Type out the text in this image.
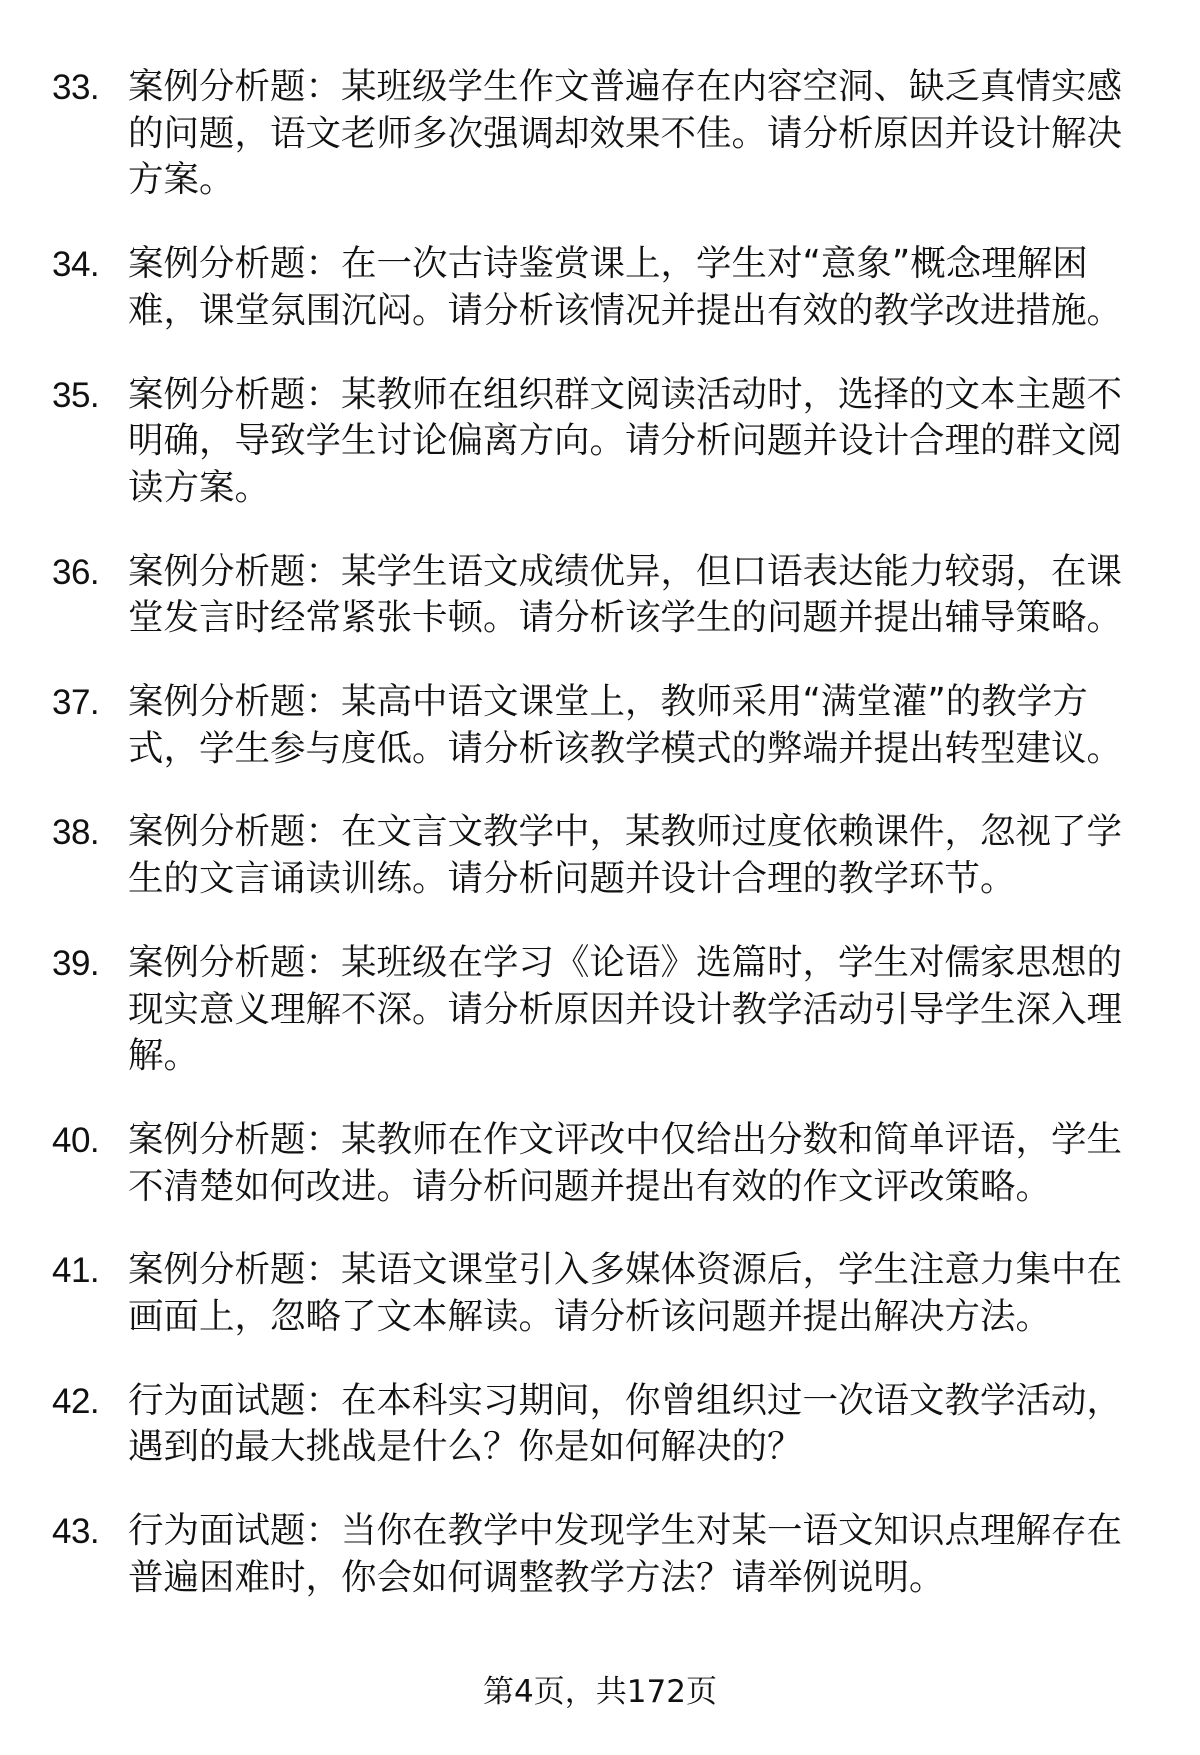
33. 案例分析题：某班级学生作文普遍存在内容空洞、缺乏真情实感的问题，语文老师多次强调却效果不佳。请分析原因并设计解决方案。
34. 案例分析题：在一次古诗鉴赏课上，学生对“意象”概念理解困难，课堂氛围沉闷。请分析该情况并提出有效的教学改进措施。
35. 案例分析题：某教师在组织群文阅读活动时，选择的文本主题不明确，导致学生讨论偏离方向。请分析问题并设计合理的群文阅读方案。
36. 案例分析题：某学生语文成绩优异，但口语表达能力较弱，在课堂发言时经常紧张卡顿。请分析该学生的问题并提出辅导策略。
37. 案例分析题：某高中语文课堂上，教师采用“满堂灌”的教学方式，学生参与度低。请分析该教学模式的弊端并提出转型建议。
38. 案例分析题：在文言文教学中，某教师过度依赖课件，忽视了学生的文言诵读训练。请分析问题并设计合理的教学环节。
39. 案例分析题：某班级在学习《论语》选篇时，学生对儒家思想的现实意义理解不深。请分析原因并设计教学活动引导学生深入理解。
40. 案例分析题：某教师在作文评改中仅给出分数和简单评语，学生不清楚如何改进。请分析问题并提出有效的作文评改策略。
41. 案例分析题：某语文课堂引入多媒体资源后，学生注意力集中在画面上，忽略了文本解读。请分析该问题并提出解决方法。
42. 行为面试题：在本科实习期间，你曾组织过一次语文教学活动，遇到的最大挑战是什么？你是如何解决的？
43. 行为面试题：当你在教学中发现学生对某一语文知识点理解存在普遍困难时，你会如何调整教学方法？请举例说明。
第4页，共172页
